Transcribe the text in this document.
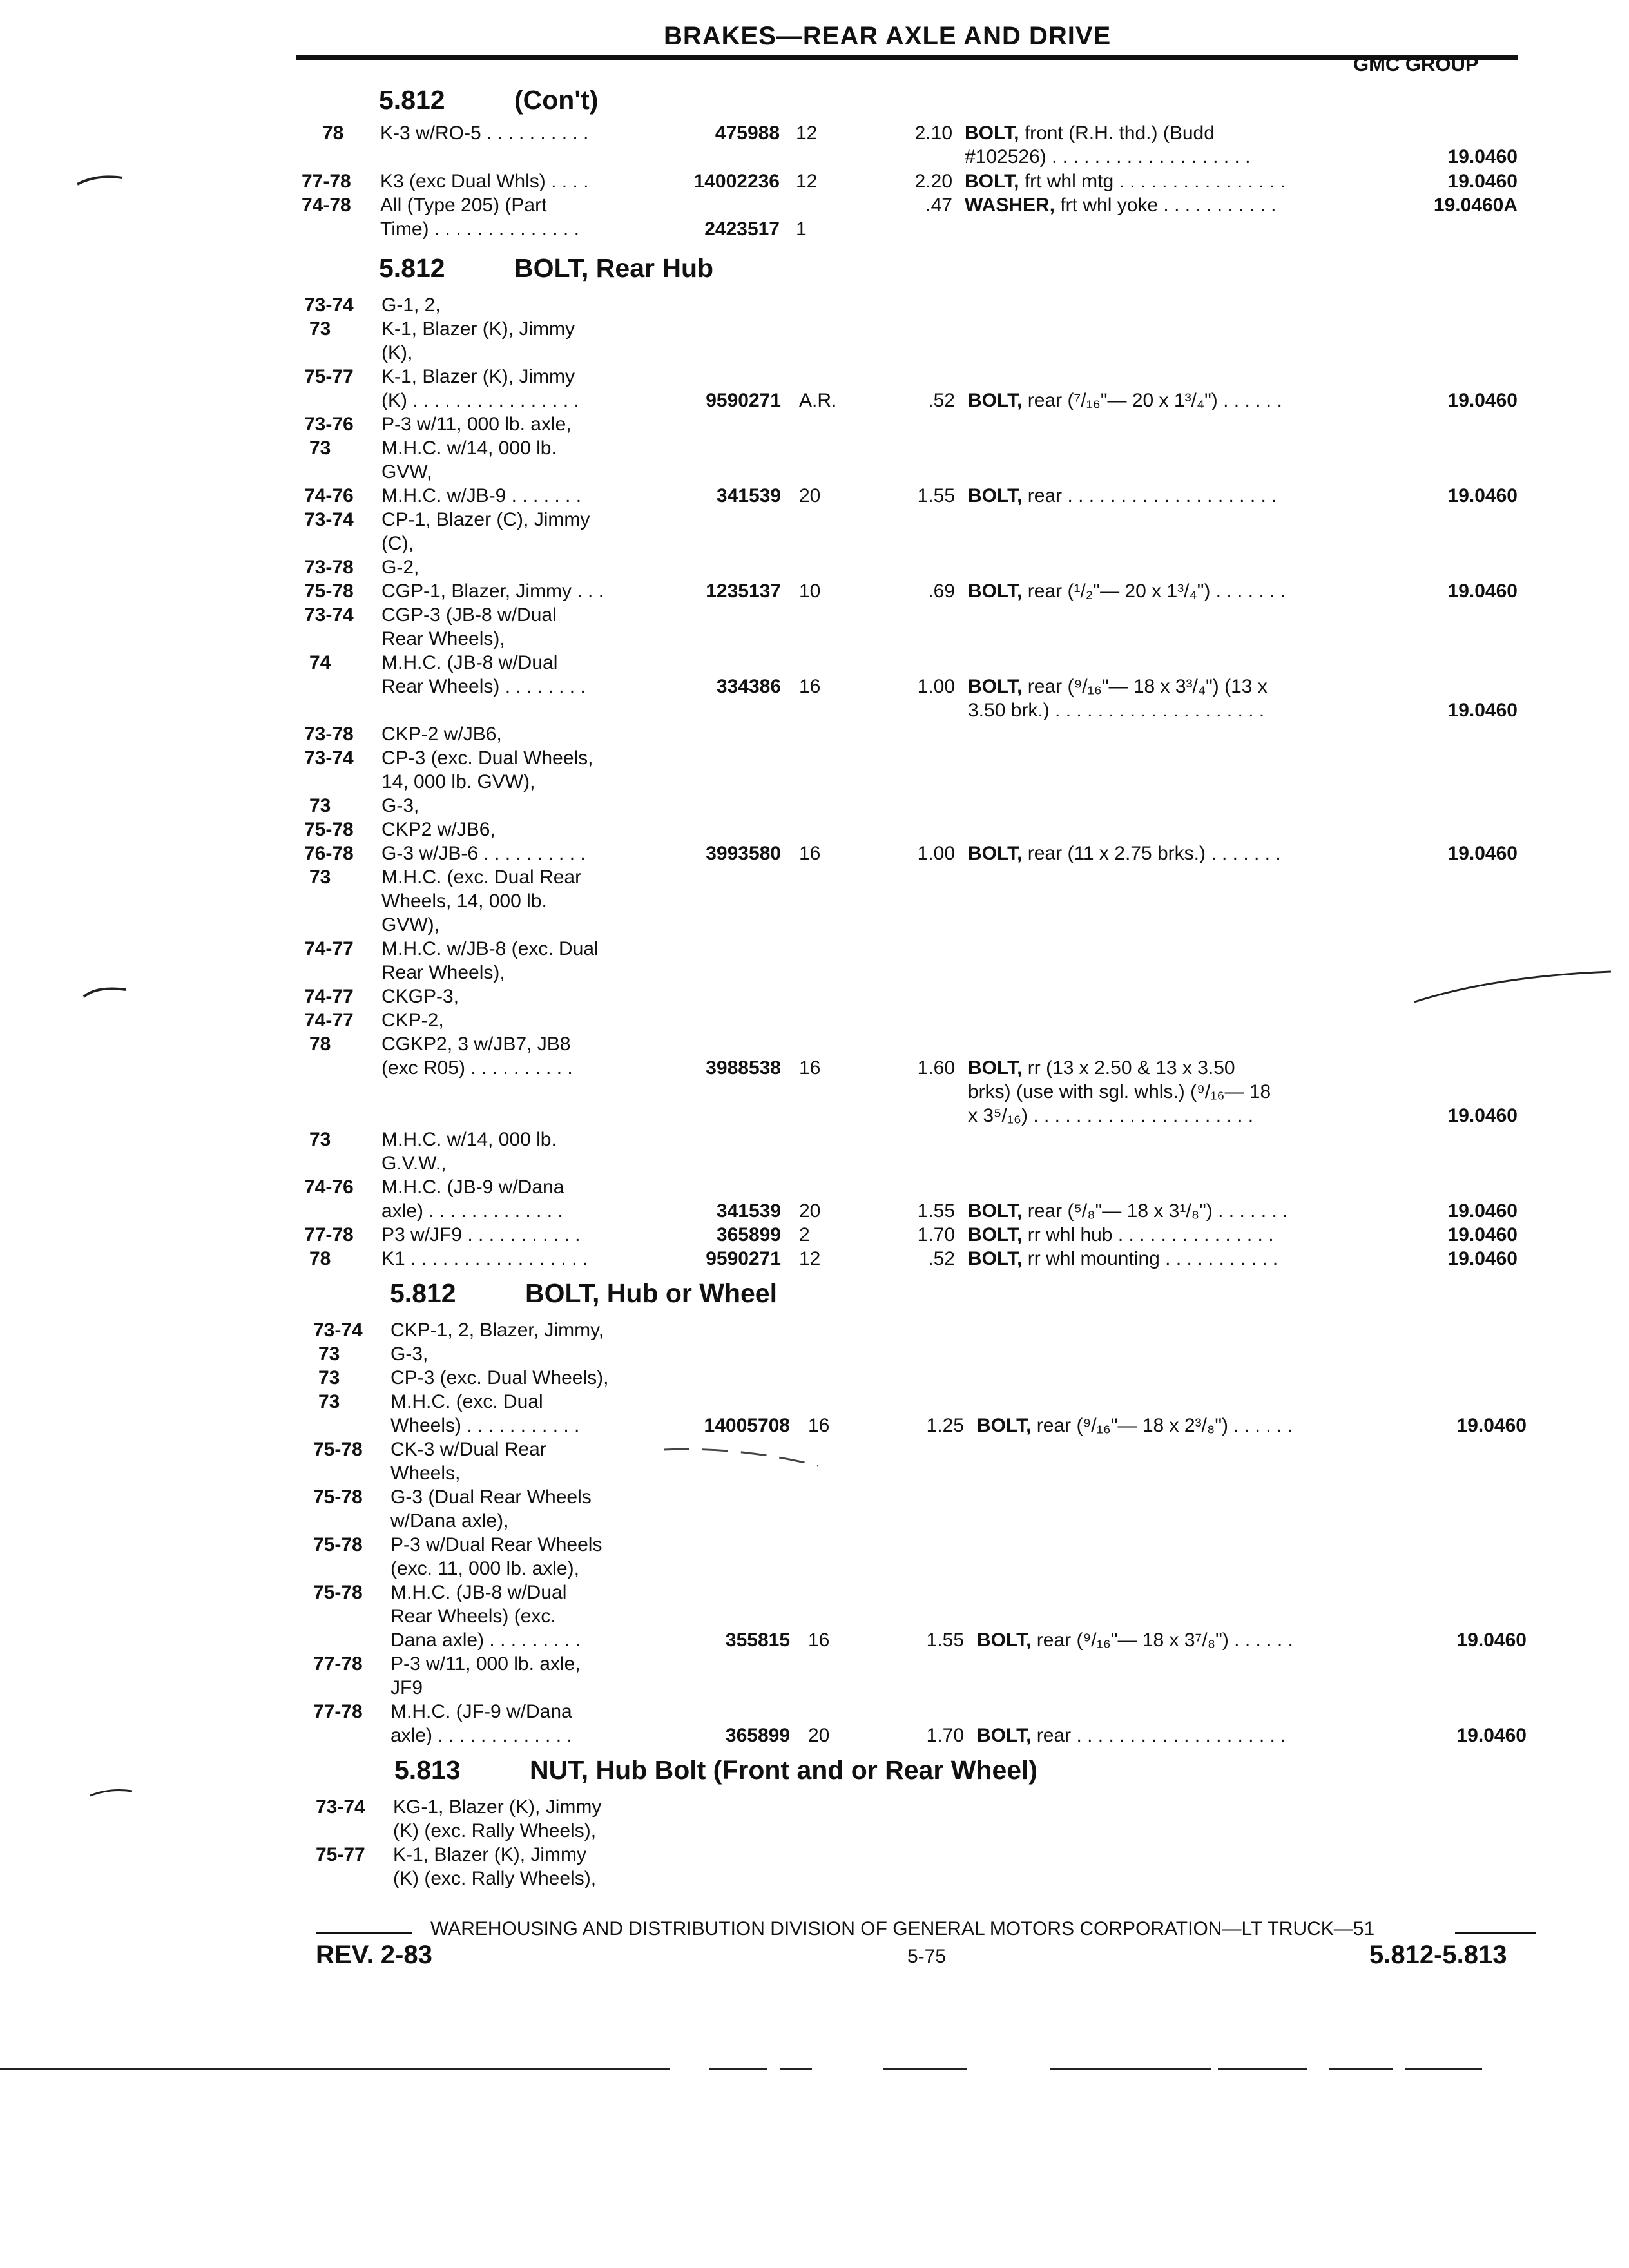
BRAKES—REAR AXLE AND DRIVE
GMC GROUP
5.812	(Con't)
78 K-3 w/RO-5 . . . . . . . . . .	475988 12	2.10 BOLT, front (R.H. thd.) (Budd
#102526) . . . . . . . . . . . . . . . . . . .	19.0460
77-78 K3 (exc Dual Whls) . . . .	14002236 12	2.20 BOLT, frt whl mtg . . . . . . . . . . . . . . . .	19.0460
74-78 All (Type 205) (Part
Time) . . . . . . . . . . . . . .	2423517 1
.47 WASHER, frt whl yoke . . . . . . . . . . .	19.0460A
5.812	BOLT, Rear Hub
73-74 G-1, 2,
73	K-1, Blazer (K), Jimmy
(K),
75-77 K-1, Blazer (K), Jimmy
(K) . . . . . . . . . . . . . . . .	9590271 A.R.	.52 BOLT, rear (⁷/₁₆"— 20 x 1³/₄") . . . . . .	19.0460
73-76 P-3 w/11, 000 lb. axle,
73	M.H.C. w/14, 000 lb.
GVW,
74-76 M.H.C. w/JB-9 . . . . . . .	341539 20	1.55 BOLT, rear . . . . . . . . . . . . . . . . . . . .	19.0460
73-74 CP-1, Blazer (C), Jimmy
(C),
73-78 G-2,
75-78 CGP-1, Blazer, Jimmy . . .	1235137 10	.69 BOLT, rear (¹/₂"— 20 x 1³/₄") . . . . . . .	19.0460
73-74 CGP-3 (JB-8 w/Dual
Rear Wheels),
74	M.H.C. (JB-8 w/Dual
Rear Wheels) . . . . . . . .	334386 16	1.00 BOLT, rear (⁹/₁₆"— 18 x 3³/₄") (13 x
3.50 brk.) . . . . . . . . . . . . . . . . . . . .	19.0460
73-78 CKP-2 w/JB6,
73-74 CP-3 (exc. Dual Wheels,
14, 000 lb. GVW),
73	G-3,
75-78 CKP2 w/JB6,
76-78 G-3 w/JB-6 . . . . . . . . . .	3993580 16	1.00 BOLT, rear (11 x 2.75 brks.) . . . . . . .	19.0460
73	M.H.C. (exc. Dual Rear
Wheels, 14, 000 lb.
GVW),
74-77 M.H.C. w/JB-8 (exc. Dual
Rear Wheels),
74-77 CKGP-3,
74-77 CKP-2,
78	CGKP2, 3 w/JB7, JB8
(exc R05) . . . . . . . . . .	3988538 16	1.60 BOLT, rr (13 x 2.50 & 13 x 3.50
brks) (use with sgl. whls.) (⁹/₁₆— 18
x 3⁵/₁₆) . . . . . . . . . . . . . . . . . . . . .	19.0460
73	M.H.C. w/14, 000 lb.
G.V.W.,
74-76 M.H.C. (JB-9 w/Dana
axle) . . . . . . . . . . . . .	341539 20	1.55 BOLT, rear (⁵/₈"— 18 x 3¹/₈") . . . . . . .	19.0460
77-78 P3 w/JF9 . . . . . . . . . . .	365899 2	1.70 BOLT, rr whl hub . . . . . . . . . . . . . . .	19.0460
78	K1 . . . . . . . . . . . . . . . . .	9590271 12	.52 BOLT, rr whl mounting . . . . . . . . . . .	19.0460
5.812	BOLT, Hub or Wheel
73-74 CKP-1, 2, Blazer, Jimmy,
73	G-3,
73	CP-3 (exc. Dual Wheels),
73	M.H.C. (exc. Dual
Wheels) . . . . . . . . . . .	14005708 16	1.25 BOLT, rear (⁹/₁₆"— 18 x 2³/₈") . . . . . .	19.0460
75-78 CK-3 w/Dual Rear
Wheels,
75-78 G-3 (Dual Rear Wheels
w/Dana axle),
75-78 P-3 w/Dual Rear Wheels
(exc. 11, 000 lb. axle),
75-78 M.H.C. (JB-8 w/Dual
Rear Wheels) (exc.
Dana axle) . . . . . . . . .	355815 16	1.55 BOLT, rear (⁹/₁₆"— 18 x 3⁷/₈") . . . . . .	19.0460
77-78 P-3 w/11, 000 lb. axle,
JF9
77-78 M.H.C. (JF-9 w/Dana
axle) . . . . . . . . . . . . .	365899 20	1.70 BOLT, rear . . . . . . . . . . . . . . . . . . . .	19.0460
5.813	NUT, Hub Bolt (Front and or Rear Wheel)
73-74 KG-1, Blazer (K), Jimmy
(K) (exc. Rally Wheels),
75-77 K-1, Blazer (K), Jimmy
(K) (exc. Rally Wheels),
WAREHOUSING AND DISTRIBUTION DIVISION OF GENERAL MOTORS CORPORATION—LT TRUCK—51
REV. 2-83	5-75	5.812-5.813
